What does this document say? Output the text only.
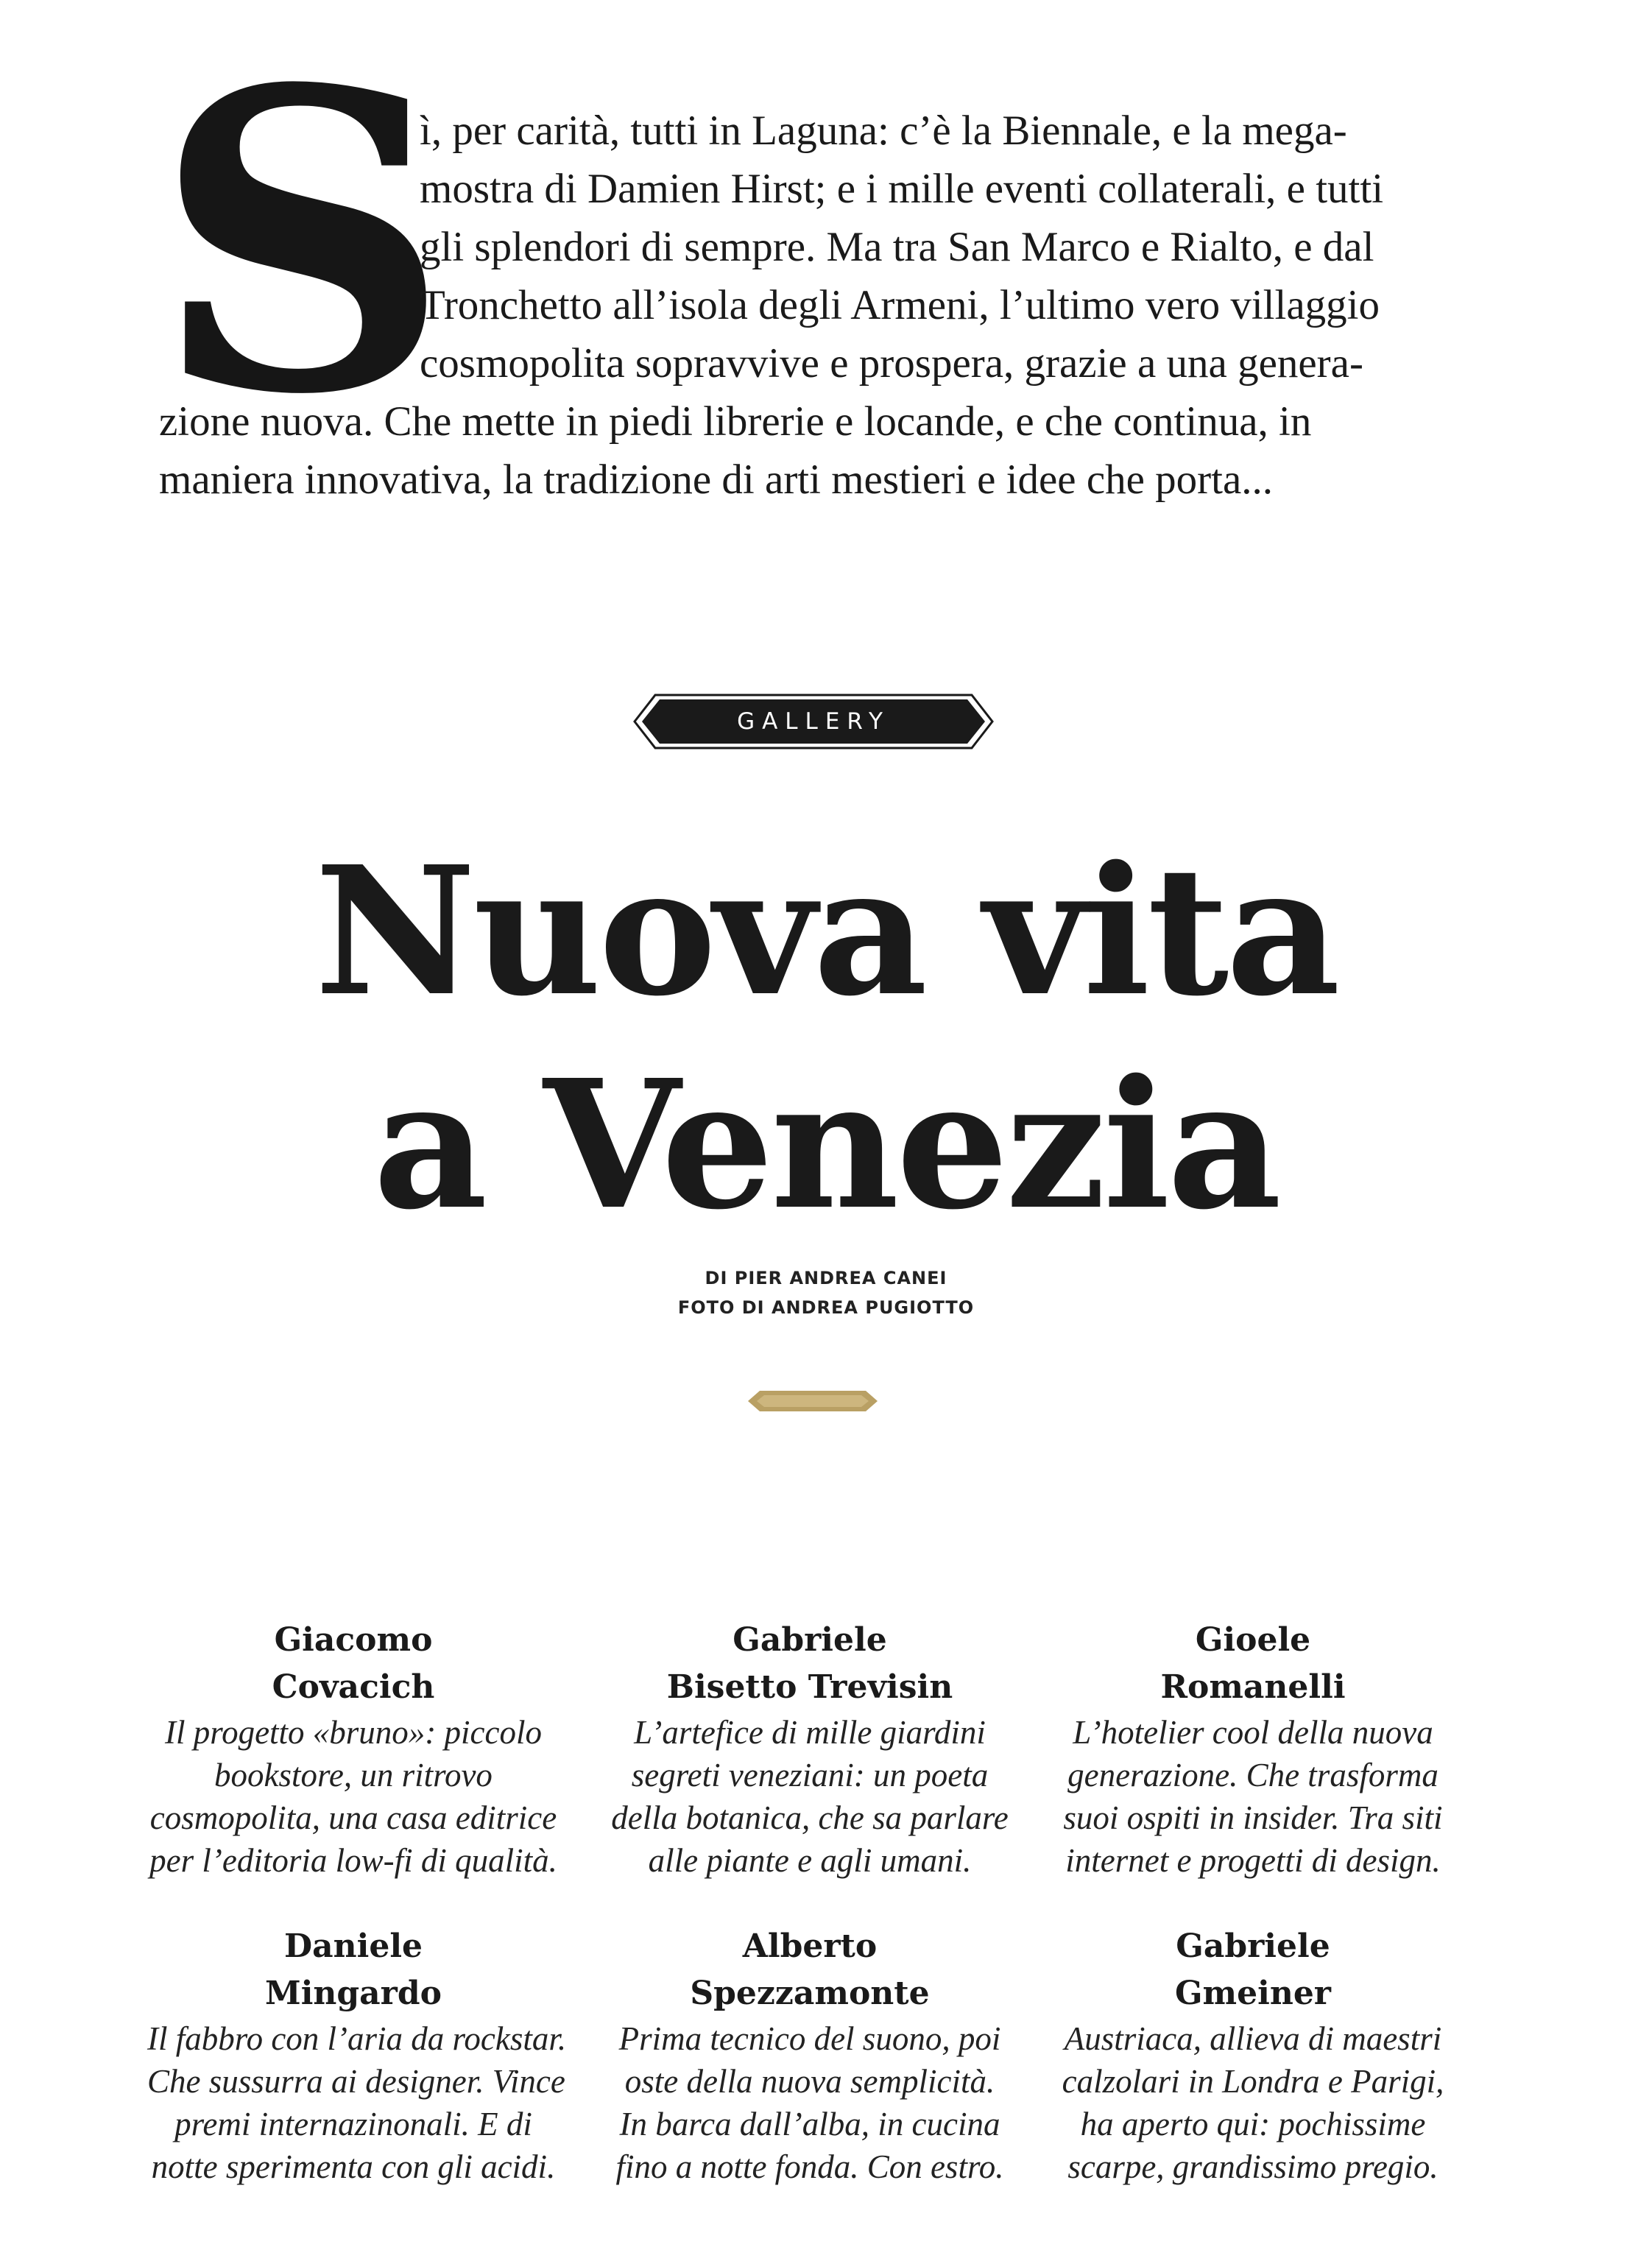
S
ì, per carità, tutti in Laguna: c’è la Biennale, e la mega-
mostra di Damien Hirst; e i mille eventi collaterali, e tutti
gli splendori di sempre. Ma tra San Marco e Rialto, e dal
Tronchetto all’isola degli Armeni, l’ultimo vero villaggio
cosmopolita sopravvive e prospera, grazie a una genera-
zione nuova. Che mette in piedi librerie e locande, e che continua, in
maniera innovativa, la tradizione di arti mestieri e idee che porta...
GALLERY
Nuova vita
a Venezia
DI PIER ANDREA CANEI
FOTO DI ANDREA PUGIOTTO
Giacomo
Covacich
Il progetto «bruno»: piccolo
bookstore, un ritrovo
cosmopolita, una casa editrice
per l’editoria low-fi di qualità.
Gabriele
Bisetto Trevisin
L’artefice di mille giardini
segreti veneziani: un poeta
della botanica, che sa parlare
alle piante e agli umani.
Gioele
Romanelli
L’hotelier cool della nuova
generazione. Che trasforma
suoi ospiti in insider. Tra siti
internet e progetti di design.
Daniele
Mingardo
Il fabbro con l’aria da rockstar.
Che sussurra ai designer. Vince
premi internazinonali. E di
notte sperimenta con gli acidi.
Alberto
Spezzamonte
Prima tecnico del suono, poi
oste della nuova semplicità.
In barca dall’alba, in cucina
fino a notte fonda. Con estro.
Gabriele
Gmeiner
Austriaca, allieva di maestri
calzolari in Londra e Parigi,
ha aperto qui: pochissime
scarpe, grandissimo pregio.
